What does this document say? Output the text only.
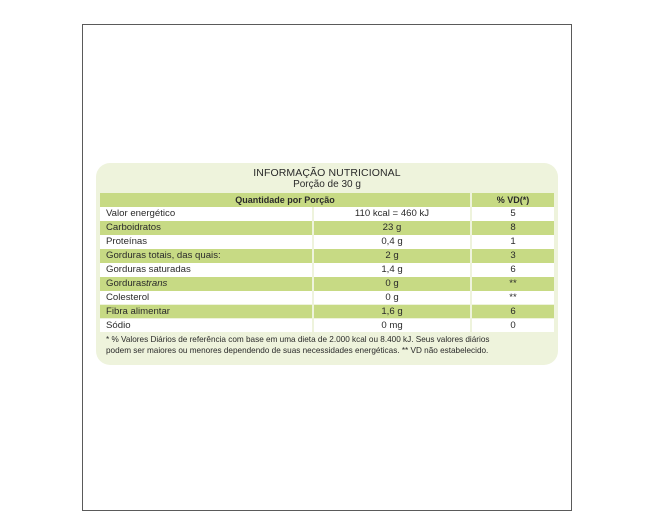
INFORMAÇÃO NUTRICIONAL
Porção de 30 g
Quantidade por Porção	% VD(*)
Valor energético	110 kcal = 460 kJ	5
Carboidratos	23 g	8
Proteínas	0,4 g	1
Gorduras totais, das quais:	2 g	3
Gorduras saturadas	1,4 g	6
Gorduras trans	0 g	**
Colesterol	0 g	**
Fibra alimentar	1,6 g	6
Sódio	0 mg	0
* % Valores Diários de referência com base em uma dieta de 2.000 kcal ou 8.400 kJ. Seus valores diários
podem ser maiores ou menores dependendo de suas necessidades energéticas. ** VD não estabelecido.
